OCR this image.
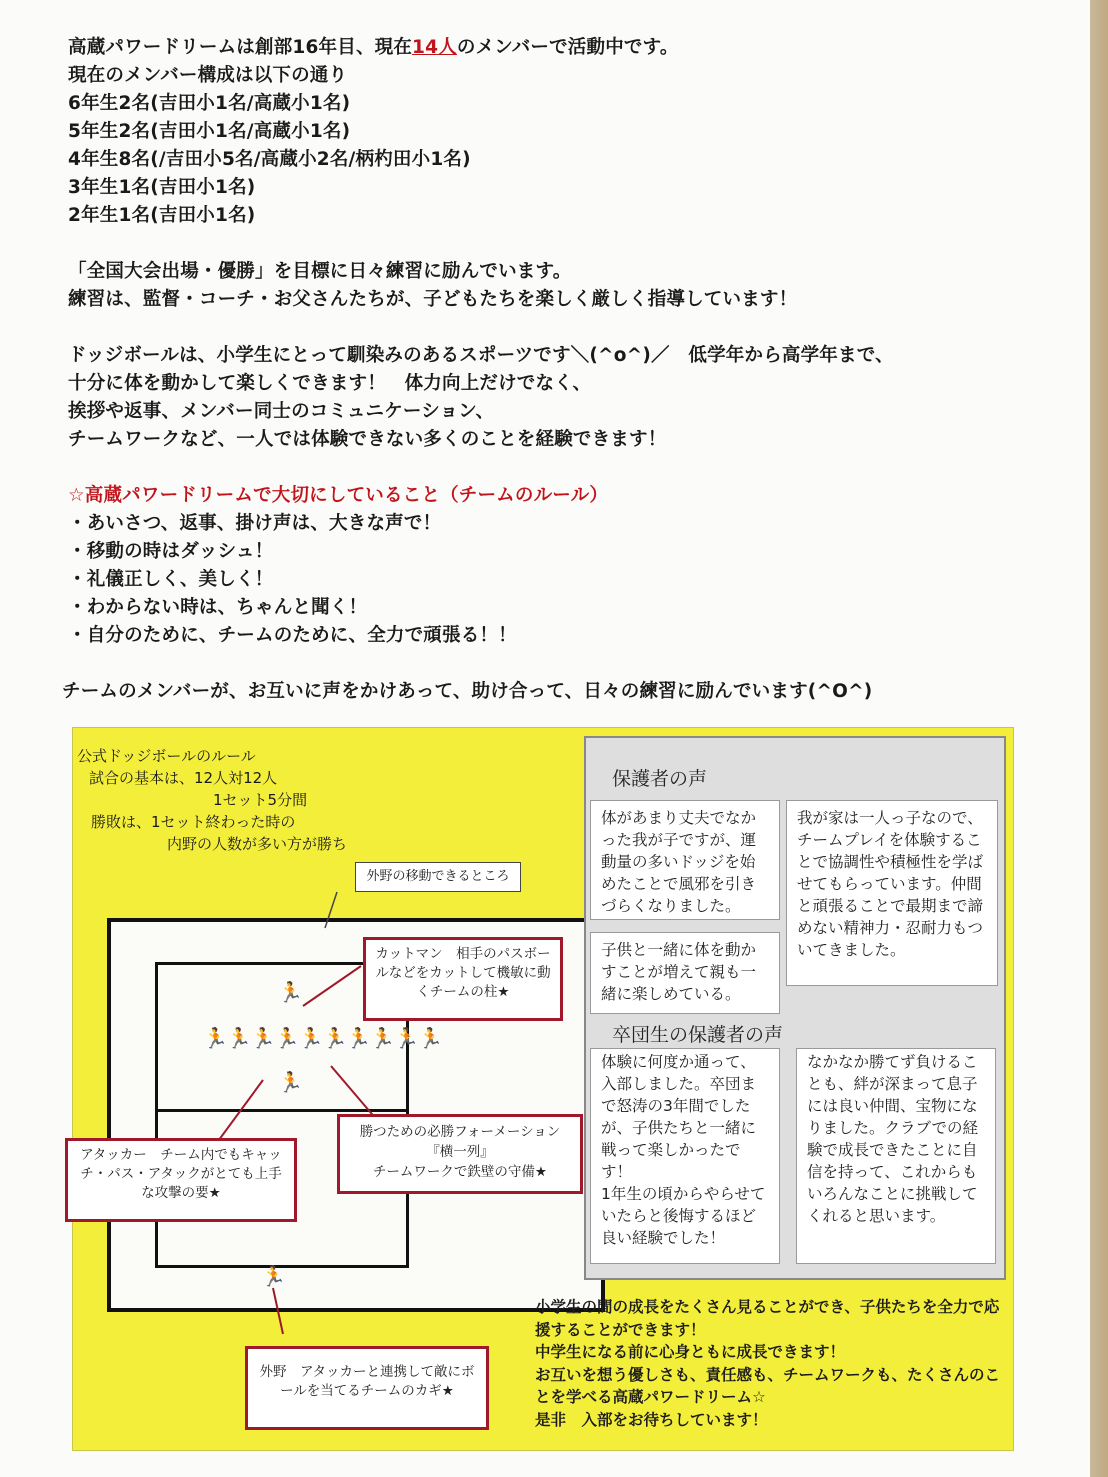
高蔵パワードリームは創部16年目、現在14人のメンバーで活動中です。
現在のメンバー構成は以下の通り
6年生2名(吉田小1名/高蔵小1名)
5年生2名(吉田小1名/高蔵小1名)
4年生8名(/吉田小5名/高蔵小2名/柄杓田小1名)
3年生1名(吉田小1名)
2年生1名(吉田小1名)
「全国大会出場・優勝」を目標に日々練習に励んでいます。
練習は、監督・コーチ・お父さんたちが、子どもたちを楽しく厳しく指導しています！
ドッジボールは、小学生にとって馴染みのあるスポーツです＼(^o^)／　低学年から高学年まで、
十分に体を動かして楽しくできます！　体力向上だけでなく、
挨拶や返事、メンバー同士のコミュニケーション、
チームワークなど、一人では体験できない多くのことを経験できます！
☆高蔵パワードリームで大切にしていること（チームのルール）
・あいさつ、返事、掛け声は、大きな声で！
・移動の時はダッシュ！
・礼儀正しく、美しく！
・わからない時は、ちゃんと聞く！
・自分のために、チームのために、全力で頑張る！！
チームのメンバーが、お互いに声をかけあって、助け合って、日々の練習に励んでいます(^O^)
公式ドッジボールのルール
試合の基本は、12人対12人
1セット5分間
勝敗は、1セット終わった時の
内野の人数が多い方が勝ち
外野の移動できるところ
🏃
🏃🏃🏃🏃🏃🏃🏃🏃🏃🏃
🏃
🏃
カットマン　相手のパスボールなどをカットして機敏に動くチームの柱★
勝つための必勝フォーメーション
『横一列』
チームワークで鉄壁の守備★
アタッカー　チーム内でもキャッチ・パス・アタックがとても上手な攻撃の要★
外野　アタッカーと連携して敵にボールを当てるチームのカギ★
保護者の声
体があまり丈夫でなかった我が子ですが、運動量の多いドッジを始めたことで風邪を引きづらくなりました。
我が家は一人っ子なので、チームプレイを体験することで協調性や積極性を学ばせてもらっています。仲間と頑張ることで最期まで諦めない精神力・忍耐力もついてきました。
子供と一緒に体を動かすことが増えて親も一緒に楽しめている。
卒団生の保護者の声
体験に何度か通って、入部しました。卒団まで怒涛の3年間でしたが、子供たちと一緒に戦って楽しかったです！
1年生の頃からやらせていたらと後悔するほど良い経験でした！
なかなか勝てず負けることも、絆が深まって息子には良い仲間、宝物になりました。クラブでの経験で成長できたことに自信を持って、これからもいろんなことに挑戦してくれると思います。
小学生の間の成長をたくさん見ることができ、子供たちを全力で応援することができます！
中学生になる前に心身ともに成長できます！
お互いを想う優しさも、責任感も、チームワークも、たくさんのことを学べる高蔵パワードリーム☆
是非　入部をお待ちしています！
